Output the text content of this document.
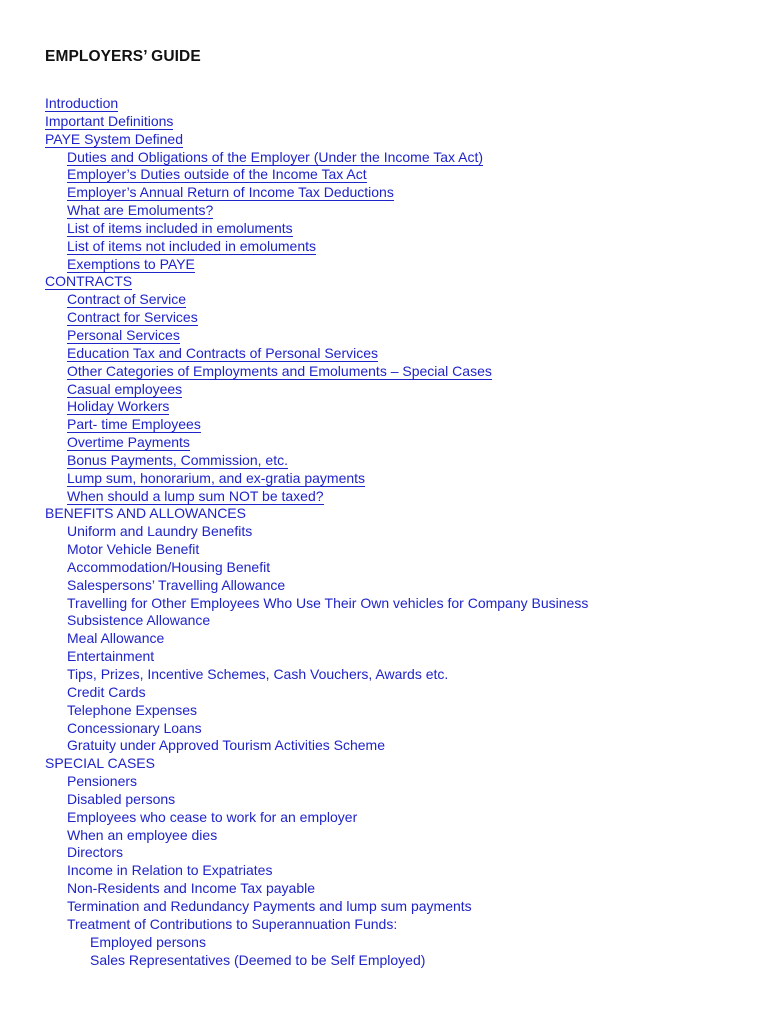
EMPLOYERS’ GUIDE
Introduction
Important Definitions
PAYE System Defined
Duties and Obligations of the Employer (Under the Income Tax Act)
Employer’s Duties outside of the Income Tax Act
Employer’s Annual Return of Income Tax Deductions
What are Emoluments?
List of items included in emoluments
List of items not included in emoluments
Exemptions to PAYE
CONTRACTS
Contract of Service
Contract for Services
Personal Services
Education Tax and Contracts of Personal Services
Other Categories of Employments and Emoluments – Special Cases
Casual employees
Holiday Workers
Part- time Employees
Overtime Payments
Bonus Payments, Commission, etc.
Lump sum, honorarium, and ex-gratia payments
When should a lump sum NOT be taxed?
BENEFITS AND ALLOWANCES
Uniform and Laundry Benefits
Motor Vehicle Benefit
Accommodation/Housing Benefit
Salespersons’ Travelling Allowance
Travelling for Other Employees Who Use Their Own vehicles for Company Business
Subsistence Allowance
Meal Allowance
Entertainment
Tips, Prizes, Incentive Schemes, Cash Vouchers, Awards etc.
Credit Cards
Telephone Expenses
Concessionary Loans
Gratuity under Approved Tourism Activities Scheme
SPECIAL CASES
Pensioners
Disabled persons
Employees who cease to work for an employer
When an employee dies
Directors
Income in Relation to Expatriates
Non-Residents and Income Tax payable
Termination and Redundancy Payments and lump sum payments
Treatment of Contributions to Superannuation Funds:
Employed persons
Sales Representatives (Deemed to be Self Employed)
